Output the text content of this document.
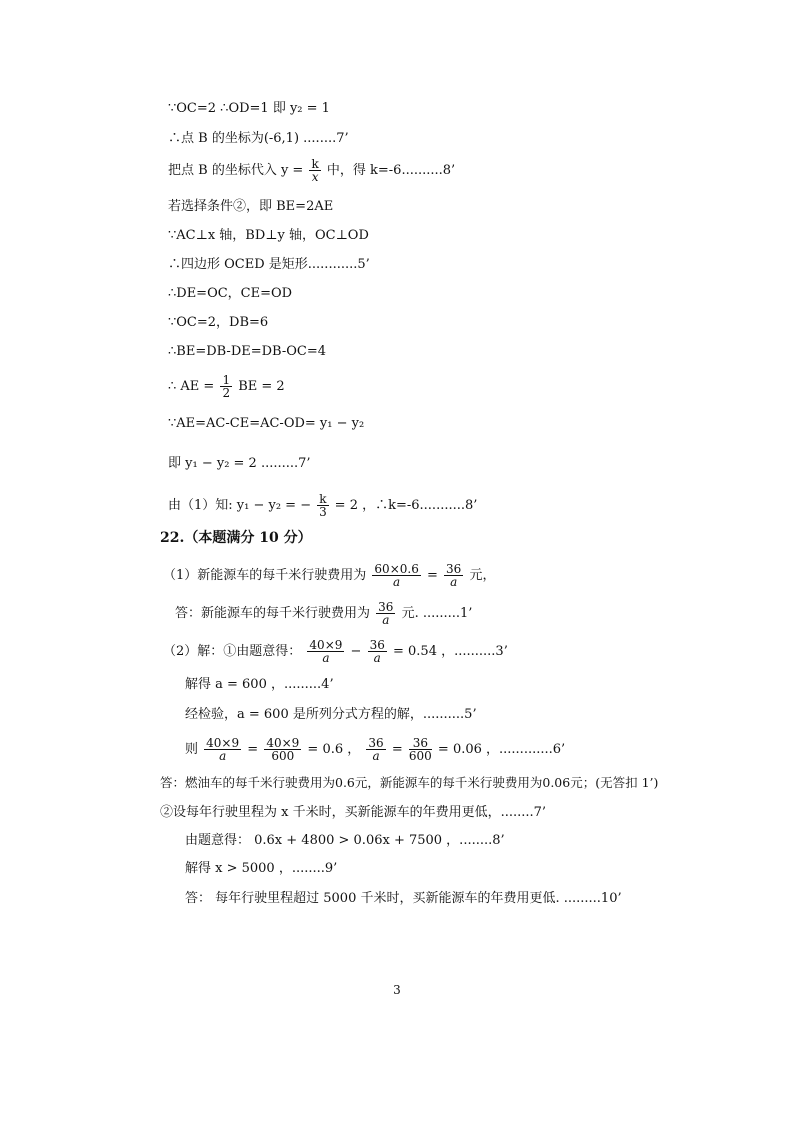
∵OC=2 ∴OD=1 即 y₂ = 1
∴点 B 的坐标为(-6,1) ........7’
把点 B 的坐标代入 $y = \frac{k}{x}$ 中，得 k=-6..........8’
若选择条件②，即 BE=2AE
∵AC⊥x 轴，BD⊥y 轴，OC⊥OD
∴四边形 OCED 是矩形............5’
∴DE=OC，CE=OD
∵OC=2，DB=6
∴BE=DB-DE=DB-OC=4
∴ AE = $\frac{1}{2}$ BE = 2
∵AE=AC-CE=AC-OD= y₁ − y₂
即 y₁ − y₂ = 2 .........7’
由（1）知: y₁ − y₂ = − $\frac{k}{3} = 2$ ，∴k=-6...........8’
22.（本题满分 10 分）
（1）新能源车的每千米行驶费用为 $\frac{60\times 0.6}{a} = \frac{36}{a}$ 元，
答：新能源车的每千米行驶费用为 $\frac{36}{a}$ 元. .........1’
（2）解：①由题意得： $\frac{40\times 9}{a} - \frac{36}{a} = 0.54$ ，..........3’
解得 a = 600 ，.........4’
经检验，a = 600 是所列分式方程的解，..........5’
则 $\frac{40\times 9}{a} = \frac{40\times 9}{600} = 0.6$ ， $\frac{36}{a} = \frac{36}{600} = 0.06$ ，.............6’
答：燃油车的每千米行驶费用为0.6元，新能源车的每千米行驶费用为0.06元；(无答扣 1’)
②设每年行驶里程为 x 千米时，买新能源车的年费用更低，........7’
由题意得： 0.6x + 4800 > 0.06x + 7500 ，........8’
解得 x > 5000 ，........9’
答： 每年行驶里程超过 5000 千米时，买新能源车的年费用更低. .........10’
3
